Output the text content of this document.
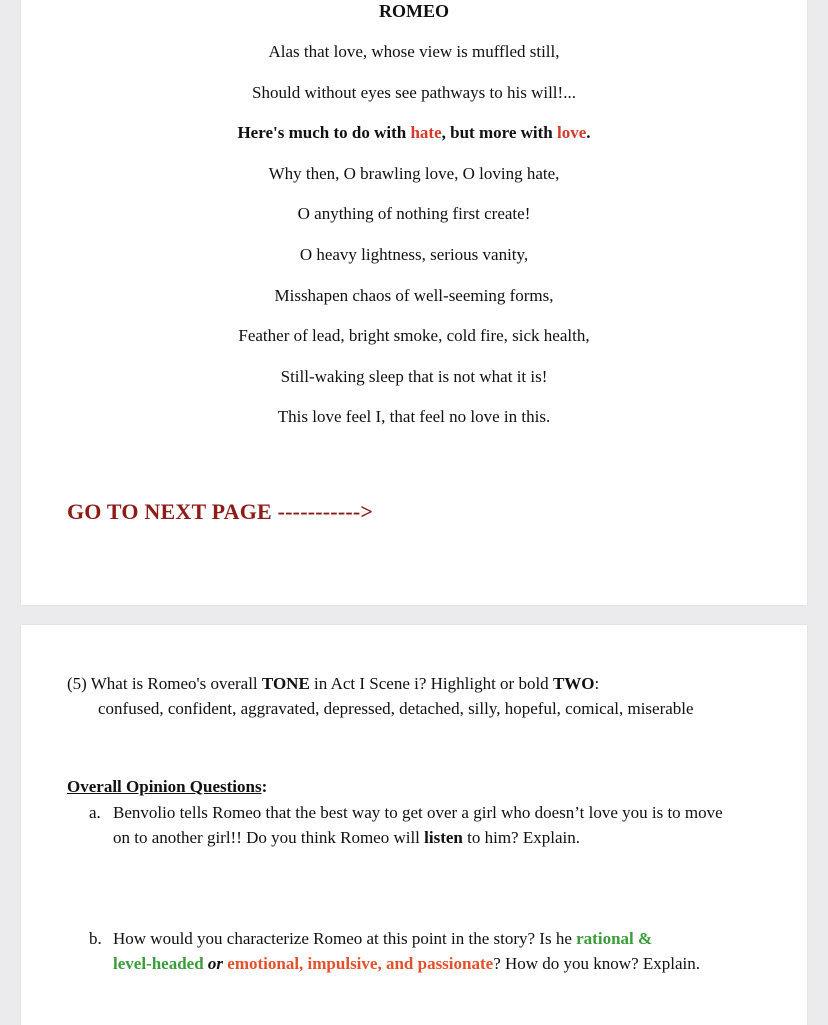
ROMEO
Alas that love, whose view is muffled still,
Should without eyes see pathways to his will!...
Here's much to do with hate, but more with love.
Why then, O brawling love, O loving hate,
O anything of nothing first create!
O heavy lightness, serious vanity,
Misshapen chaos of well-seeming forms,
Feather of lead, bright smoke, cold fire, sick health,
Still-waking sleep that is not what it is!
This love feel I, that feel no love in this.
GO TO NEXT PAGE ----------->
(5) What is Romeo's overall TONE in Act I Scene i? Highlight or bold TWO:
confused, confident, aggravated, depressed, detached, silly, hopeful, comical, miserable
Overall Opinion Questions:
a. Benvolio tells Romeo that the best way to get over a girl who doesn’t love you is to move
on to another girl!! Do you think Romeo will listen to him? Explain.
b. How would you characterize Romeo at this point in the story? Is he rational &
level-headed or emotional, impulsive, and passionate? How do you know? Explain.
